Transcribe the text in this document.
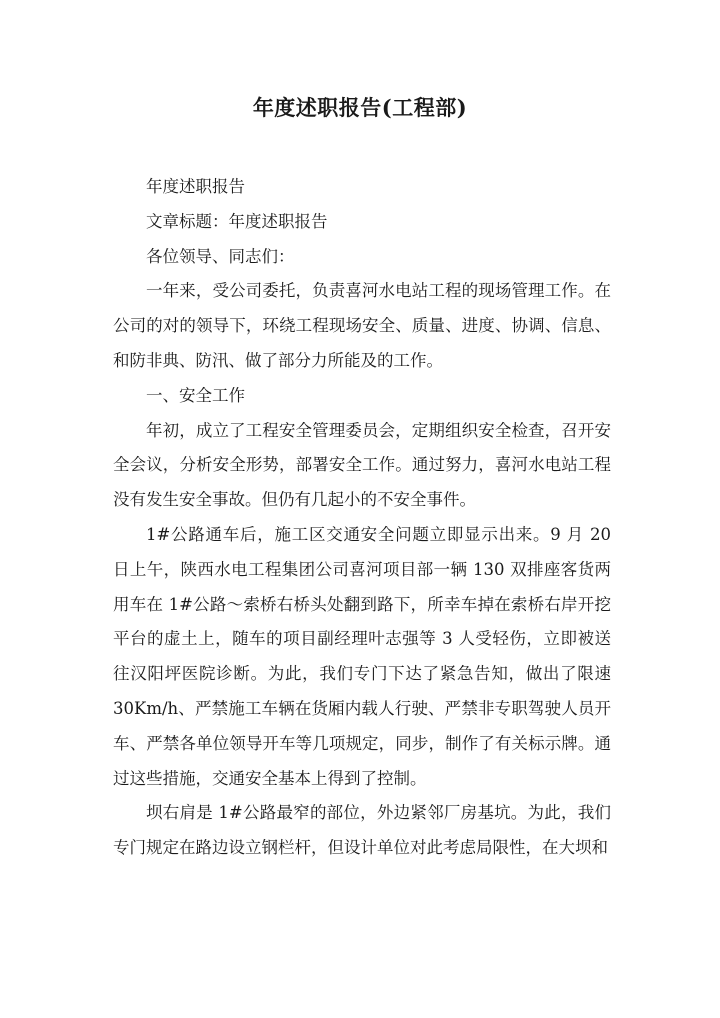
年度述职报告(工程部)

年度述职报告

文章标题：年度述职报告

各位领导、同志们：

一年来，受公司委托，负责喜河水电站工程的现场管理工作。在公司的对的领导下，环绕工程现场安全、质量、进度、协调、信息、和防非典、防汛、做了部分力所能及的工作。

一、安全工作

年初，成立了工程安全管理委员会，定期组织安全检查，召开安全会议，分析安全形势，部署安全工作。通过努力，喜河水电站工程没有发生安全事故。但仍有几起小的不安全事件。

1#公路通车后，施工区交通安全问题立即显示出来。9 月 20 日上午，陕西水电工程集团公司喜河项目部一辆 130 双排座客货两用车在 1#公路～索桥右桥头处翻到路下，所幸车掉在索桥右岸开挖平台的虚土上，随车的项目副经理叶志强等 3 人受轻伤，立即被送往汉阳坪医院诊断。为此，我们专门下达了紧急告知，做出了限速 30Km/h、严禁施工车辆在货厢内载人行驶、严禁非专职驾驶人员开车、严禁各单位领导开车等几项规定，同步，制作了有关标示牌。通过这些措施，交通安全基本上得到了控制。

坝右肩是 1#公路最窄的部位，外边紧邻厂房基坑。为此，我们专门规定在路边设立钢栏杆，但设计单位对此考虑局限性，在大坝和
